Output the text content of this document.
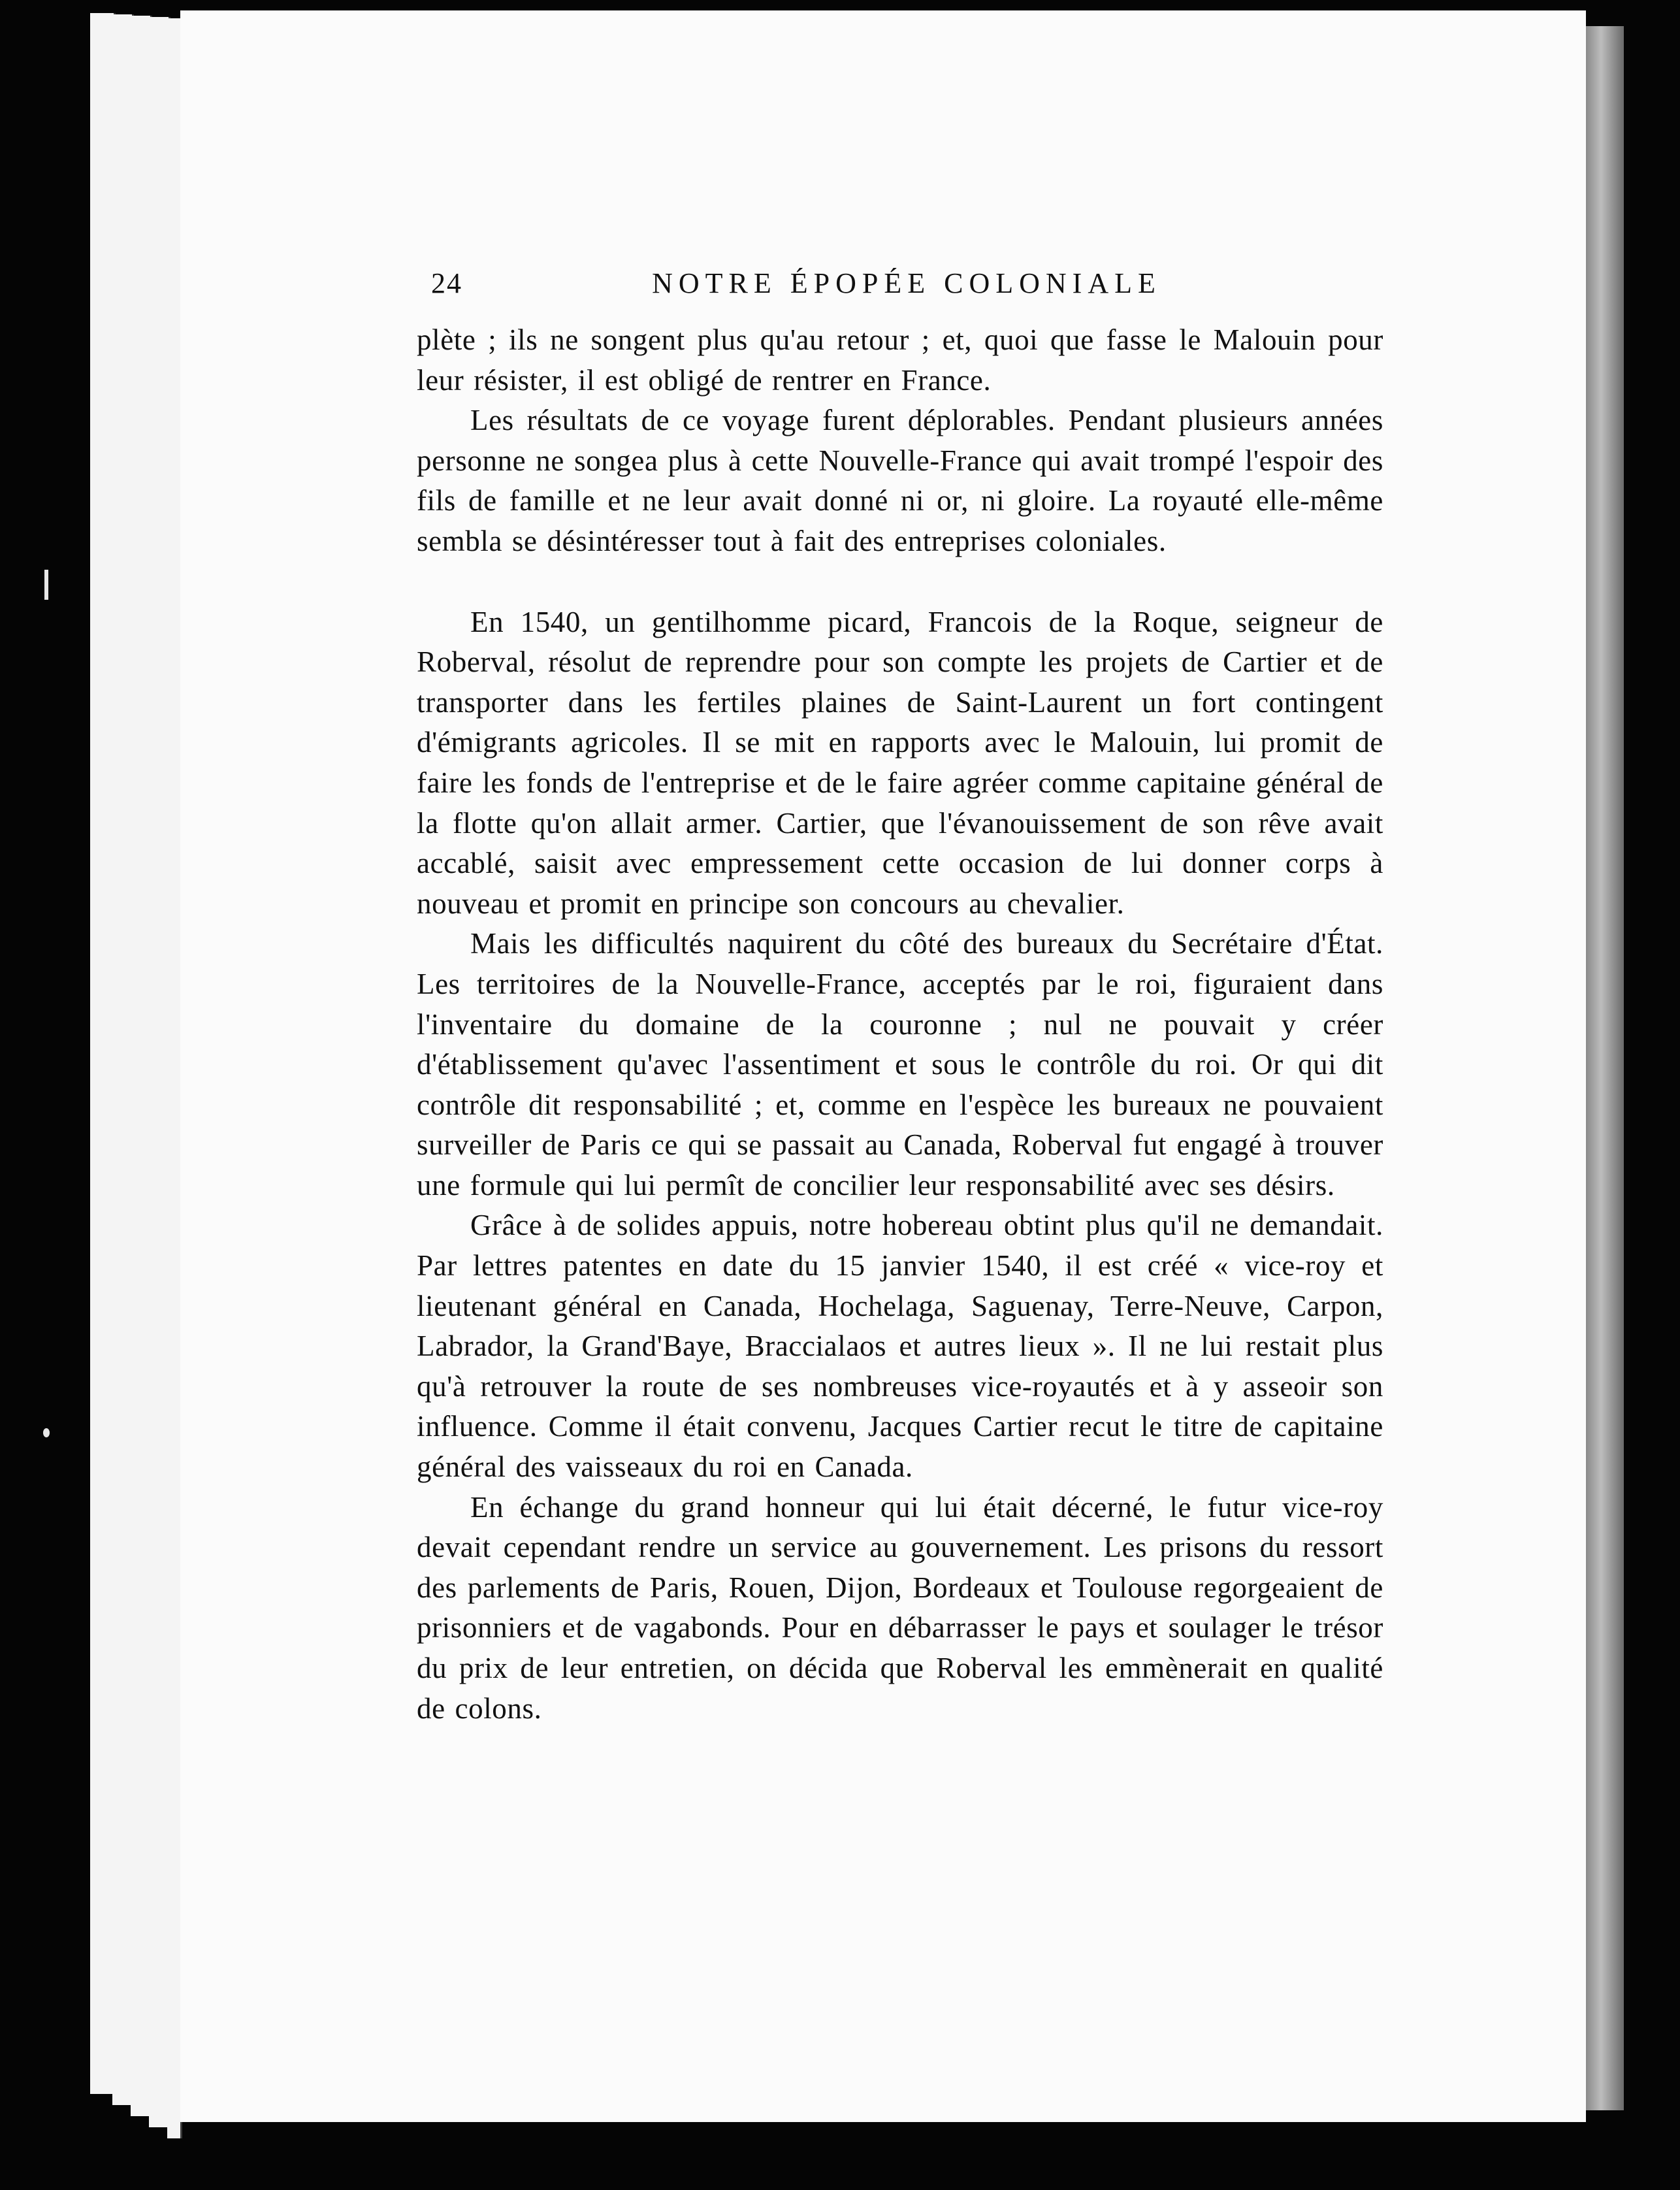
24	NOTRE ÉPOPÉE COLONIALE

plète ; ils ne songent plus qu'au retour ; et, quoi que fasse le Malouin pour leur résister, il est obligé de rentrer en France.

Les résultats de ce voyage furent déplorables. Pendant plusieurs années personne ne songea plus à cette Nouvelle-France qui avait trompé l'espoir des fils de famille et ne leur avait donné ni or, ni gloire. La royauté elle-même sembla se désintéresser tout à fait des entreprises coloniales.

En 1540, un gentilhomme picard, Francois de la Roque, seigneur de Roberval, résolut de reprendre pour son compte les projets de Cartier et de transporter dans les fertiles plaines de Saint-Laurent un fort contingent d'émigrants agricoles. Il se mit en rapports avec le Malouin, lui promit de faire les fonds de l'entreprise et de le faire agréer comme capitaine général de la flotte qu'on allait armer. Cartier, que l'évanouissement de son rêve avait accablé, saisit avec empressement cette occasion de lui donner corps à nouveau et promit en principe son concours au chevalier.

Mais les difficultés naquirent du côté des bureaux du Secrétaire d'État. Les territoires de la Nouvelle-France, acceptés par le roi, figuraient dans l'inventaire du domaine de la couronne ; nul ne pouvait y créer d'établissement qu'avec l'assentiment et sous le contrôle du roi. Or qui dit contrôle dit responsabilité ; et, comme en l'espèce les bureaux ne pouvaient surveiller de Paris ce qui se passait au Canada, Roberval fut engagé à trouver une formule qui lui permît de concilier leur responsabilité avec ses désirs.

Grâce à de solides appuis, notre hobereau obtint plus qu'il ne demandait. Par lettres patentes en date du 15 janvier 1540, il est créé « vice-roy et lieutenant général en Canada, Hochelaga, Saguenay, Terre-Neuve, Carpon, Labrador, la Grand'Baye, Braccialaos et autres lieux ». Il ne lui restait plus qu'à retrouver la route de ses nombreuses vice-royautés et à y asseoir son influence. Comme il était convenu, Jacques Cartier recut le titre de capitaine général des vaisseaux du roi en Canada.

En échange du grand honneur qui lui était décerné, le futur vice-roy devait cependant rendre un service au gouvernement. Les prisons du ressort des parlements de Paris, Rouen, Dijon, Bordeaux et Toulouse regorgeaient de prisonniers et de vagabonds. Pour en débarrasser le pays et soulager le trésor du prix de leur entretien, on décida que Roberval les emmènerait en qualité de colons.
